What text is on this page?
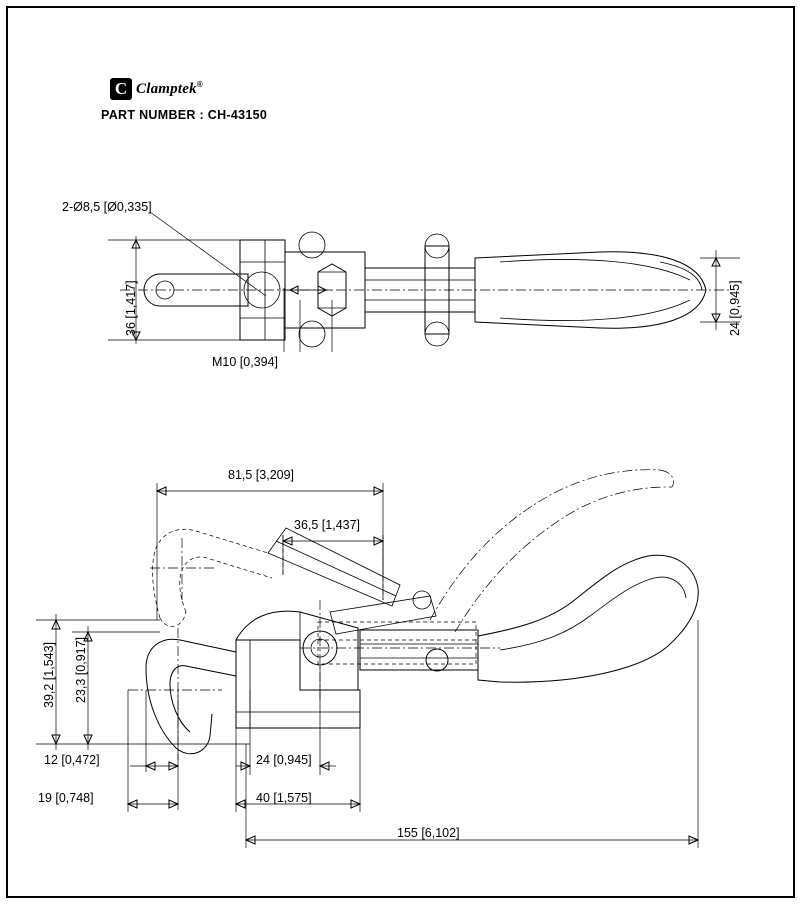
C Clamptek®
PART NUMBER : CH-43150
2-Ø8,5 [Ø0,335]
36 [1,417]
M10 [0,394]
24 [0,945]
81,5 [3,209]
36,5 [1,437]
39,2 [1,543] 23,3 [0,917]
12 [0,472]	24 [0,945]
19 [0,748]	40 [1,575]
155 [6,102]
